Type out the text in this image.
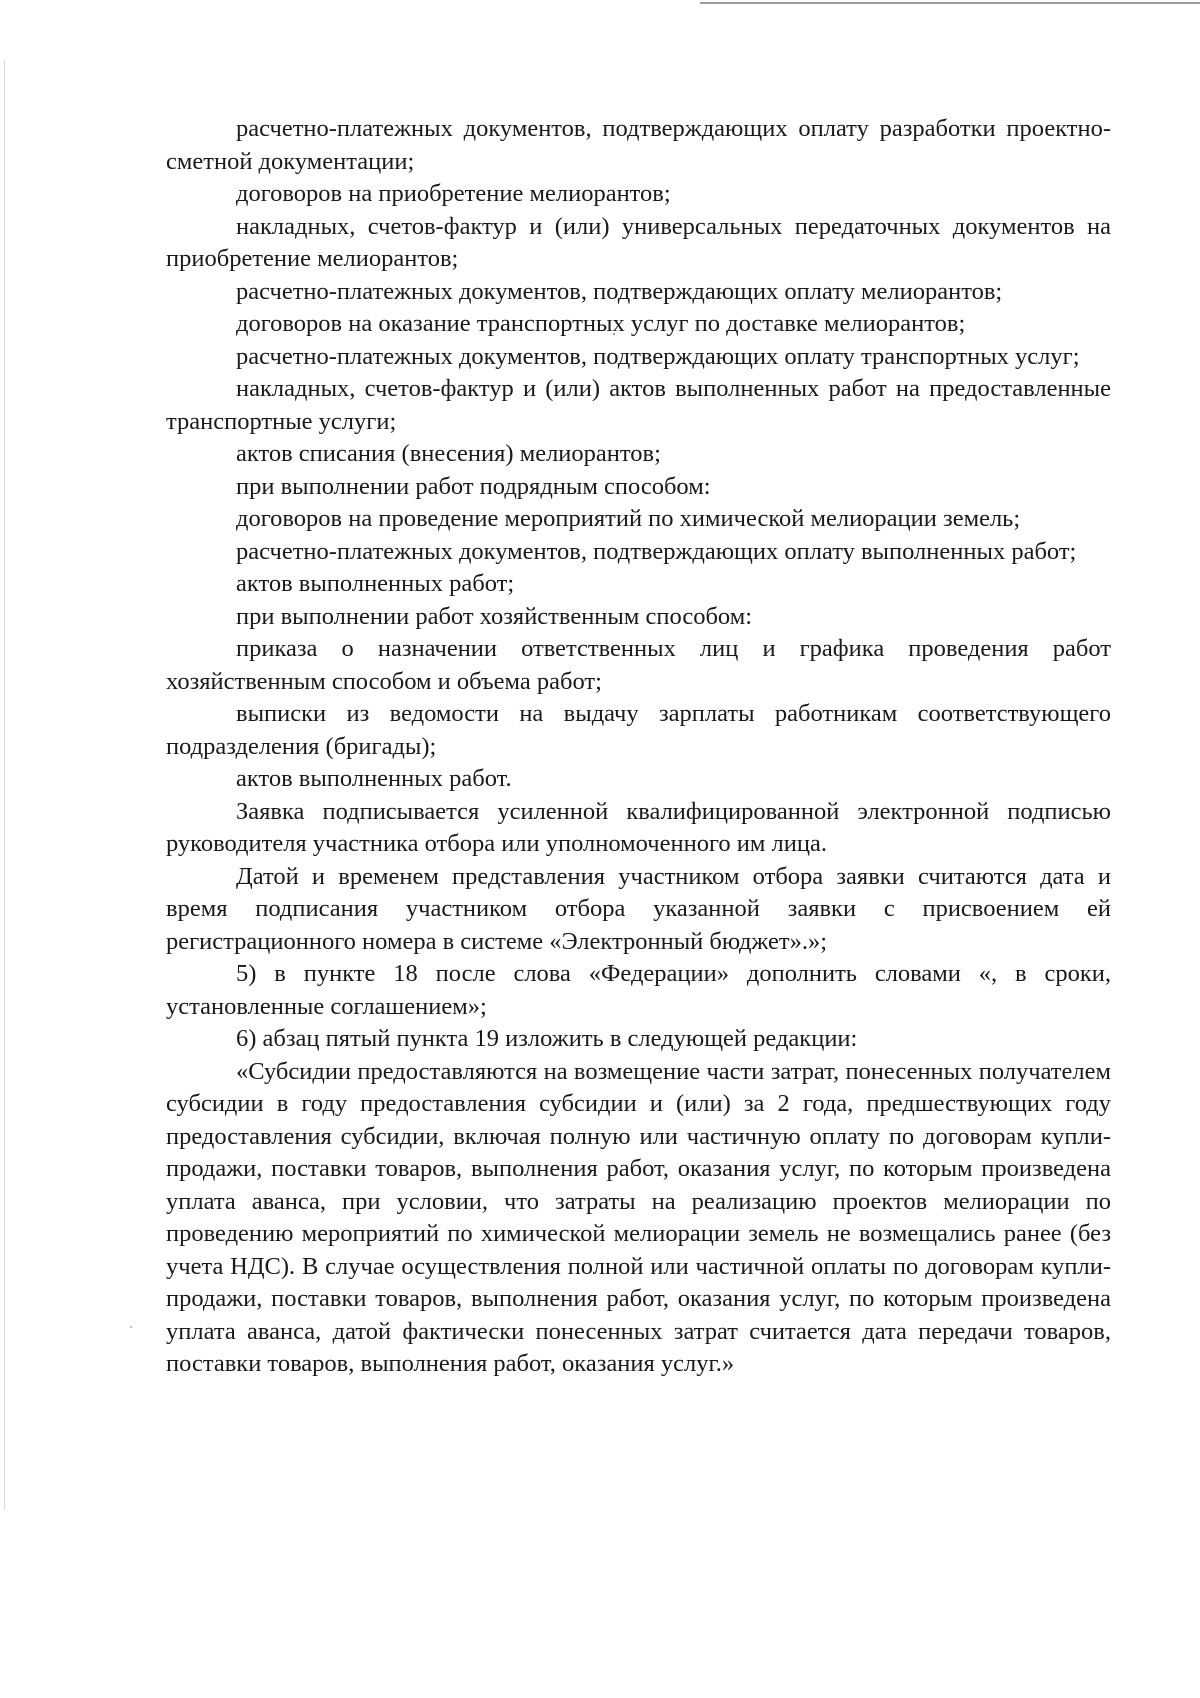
расчетно-платежных документов, подтверждающих оплату разработки проектно-сметной документации;

договоров на приобретение мелиорантов;

накладных, счетов-фактур и (или) универсальных передаточных документов на приобретение мелиорантов;

расчетно-платежных документов, подтверждающих оплату мелиорантов;

договоров на оказание транспортных услуг по доставке мелиорантов;

расчетно-платежных документов, подтверждающих оплату транспортных услуг;

накладных, счетов-фактур и (или) актов выполненных работ на предоставленные транспортные услуги;

актов списания (внесения) мелиорантов;

при выполнении работ подрядным способом:

договоров на проведение мероприятий по химической мелиорации земель;

расчетно-платежных документов, подтверждающих оплату выполненных работ;

актов выполненных работ;

при выполнении работ хозяйственным способом:

приказа о назначении ответственных лиц и графика проведения работ хозяйственным способом и объема работ;

выписки из ведомости на выдачу зарплаты работникам соответствующего подразделения (бригады);

актов выполненных работ.

Заявка подписывается усиленной квалифицированной электронной подписью руководителя участника отбора или уполномоченного им лица.

Датой и временем представления участником отбора заявки считаются дата и время подписания участником отбора указанной заявки с присвоением ей регистрационного номера в системе «Электронный бюджет».»;

5) в пункте 18 после слова «Федерации» дополнить словами «, в сроки, установленные соглашением»;

6) абзац пятый пункта 19 изложить в следующей редакции:

«Субсидии предоставляются на возмещение части затрат, понесенных получателем субсидии в году предоставления субсидии и (или) за 2 года, предшествующих году предоставления субсидии, включая полную или частичную оплату по договорам купли-продажи, поставки товаров, выполнения работ, оказания услуг, по которым произведена уплата аванса, при условии, что затраты на реализацию проектов мелиорации по проведению мероприятий по химической мелиорации земель не возмещались ранее (без учета НДС). В случае осуществления полной или частичной оплаты по договорам купли-продажи, поставки товаров, выполнения работ, оказания услуг, по которым произведена уплата аванса, датой фактически понесенных затрат считается дата передачи товаров, поставки товаров, выполнения работ, оказания услуг.»
